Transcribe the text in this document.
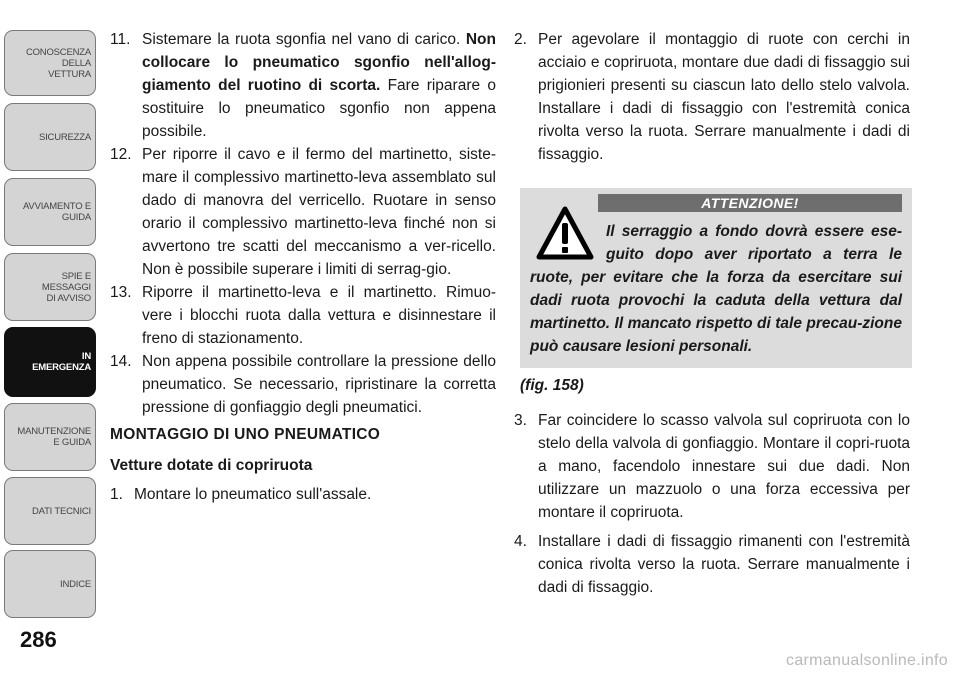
CONOSCENZA DELLA
VETTURA
SICUREZZA
AVVIAMENTO E
GUIDA
SPIE E
MESSAGGI
DI AVVISO
IN
EMERGENZA
MANUTENZIONE
E GUIDA
DATI TECNICI
INDICE
286
11. Sistemare la ruota sgonfia nel vano di carico. Non collocare lo pneumatico sgonfio nell'allog-giamento del ruotino di scorta. Fare riparare o sostituire lo pneumatico sgonfio non appena possibile.
12. Per riporre il cavo e il fermo del martinetto, siste-mare il complessivo martinetto-leva assemblato sul dado di manovra del verricello. Ruotare in senso orario il complessivo martinetto-leva finché non si avvertono tre scatti del meccanismo a ver-ricello. Non è possibile superare i limiti di serrag-gio.
13. Riporre il martinetto-leva e il martinetto. Rimuo-vere i blocchi ruota dalla vettura e disinnestare il freno di stazionamento.
14. Non appena possibile controllare la pressione dello pneumatico. Se necessario, ripristinare la corretta pressione di gonfiaggio degli pneumatici.
MONTAGGIO DI UNO PNEUMATICO
Vetture dotate di copriruota
1. Montare lo pneumatico sull'assale.
2. Per agevolare il montaggio di ruote con cerchi in acciaio e copriruota, montare due dadi di fissaggio sui prigionieri presenti su ciascun lato dello stelo valvola. Installare i dadi di fissaggio con l'estremità conica rivolta verso la ruota. Serrare manualmente i dadi di fissaggio.
ATTENZIONE!
Il serraggio a fondo dovrà essere ese-guito dopo aver riportato a terra le ruote, per evitare che la forza da esercitare sui dadi ruota provochi la caduta della vettura dal martinetto. Il mancato rispetto di tale precau-zione può causare lesioni personali.
(fig. 158)
3. Far coincidere lo scasso valvola sul copriruota con lo stelo della valvola di gonfiaggio. Montare il copri-ruota a mano, facendolo innestare sui due dadi. Non utilizzare un mazzuolo o una forza eccessiva per montare il copriruota.
4. Installare i dadi di fissaggio rimanenti con l'estremità conica rivolta verso la ruota. Serrare manualmente i dadi di fissaggio.
carmanualsonline.info
